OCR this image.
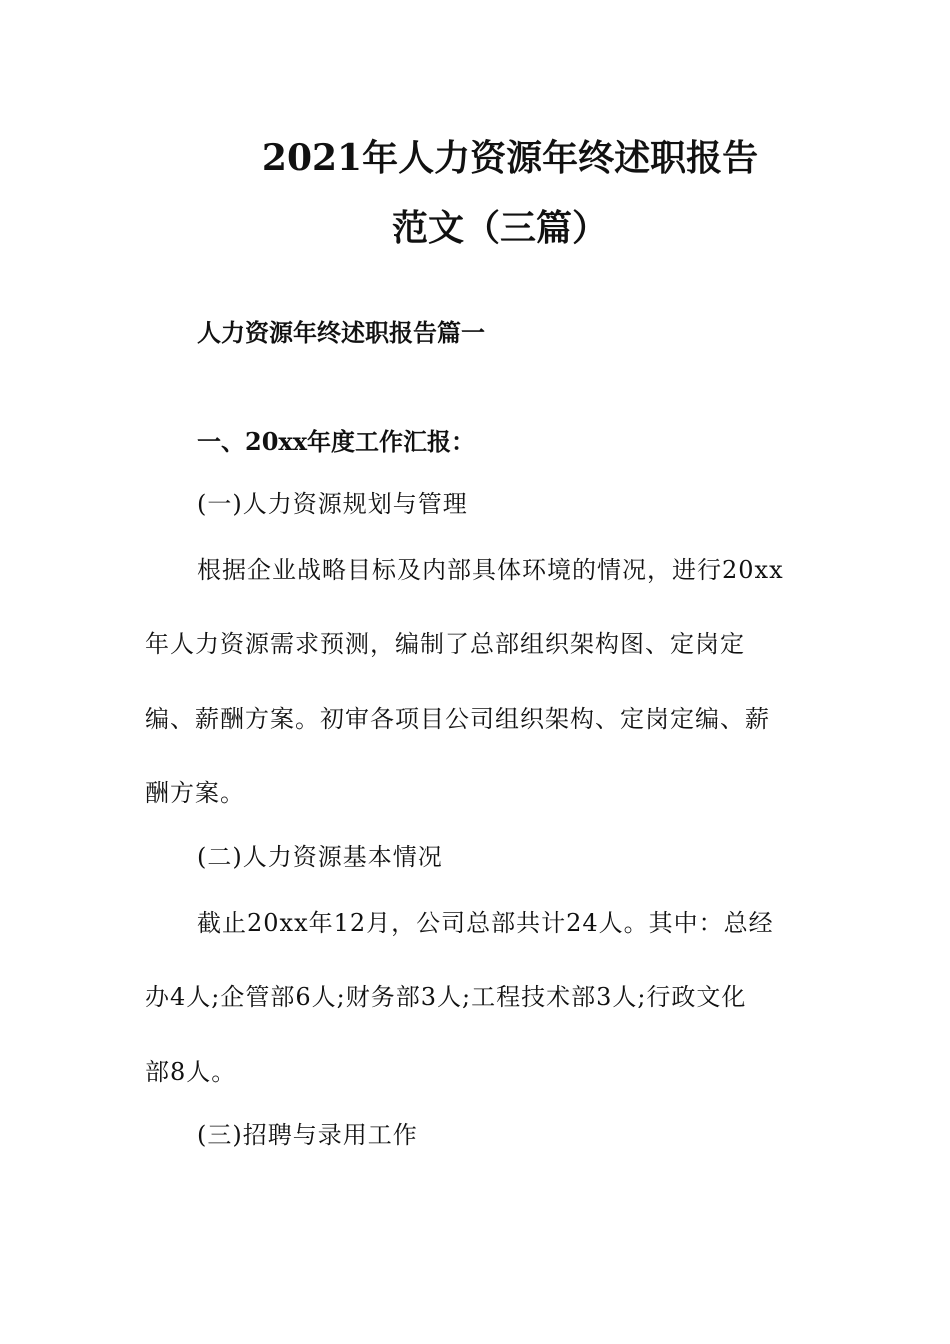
2021年人力资源年终述职报告
范文（三篇）
人力资源年终述职报告篇一
一、20xx年度工作汇报：
(一)人力资源规划与管理
根据企业战略目标及内部具体环境的情况，进行20xx
年人力资源需求预测，编制了总部组织架构图、定岗定
编、薪酬方案。初审各项目公司组织架构、定岗定编、薪
酬方案。
(二)人力资源基本情况
截止20xx年12月，公司总部共计24人。其中：总经
办4人;企管部6人;财务部3人;工程技术部3人;行政文化
部8人。
(三)招聘与录用工作
